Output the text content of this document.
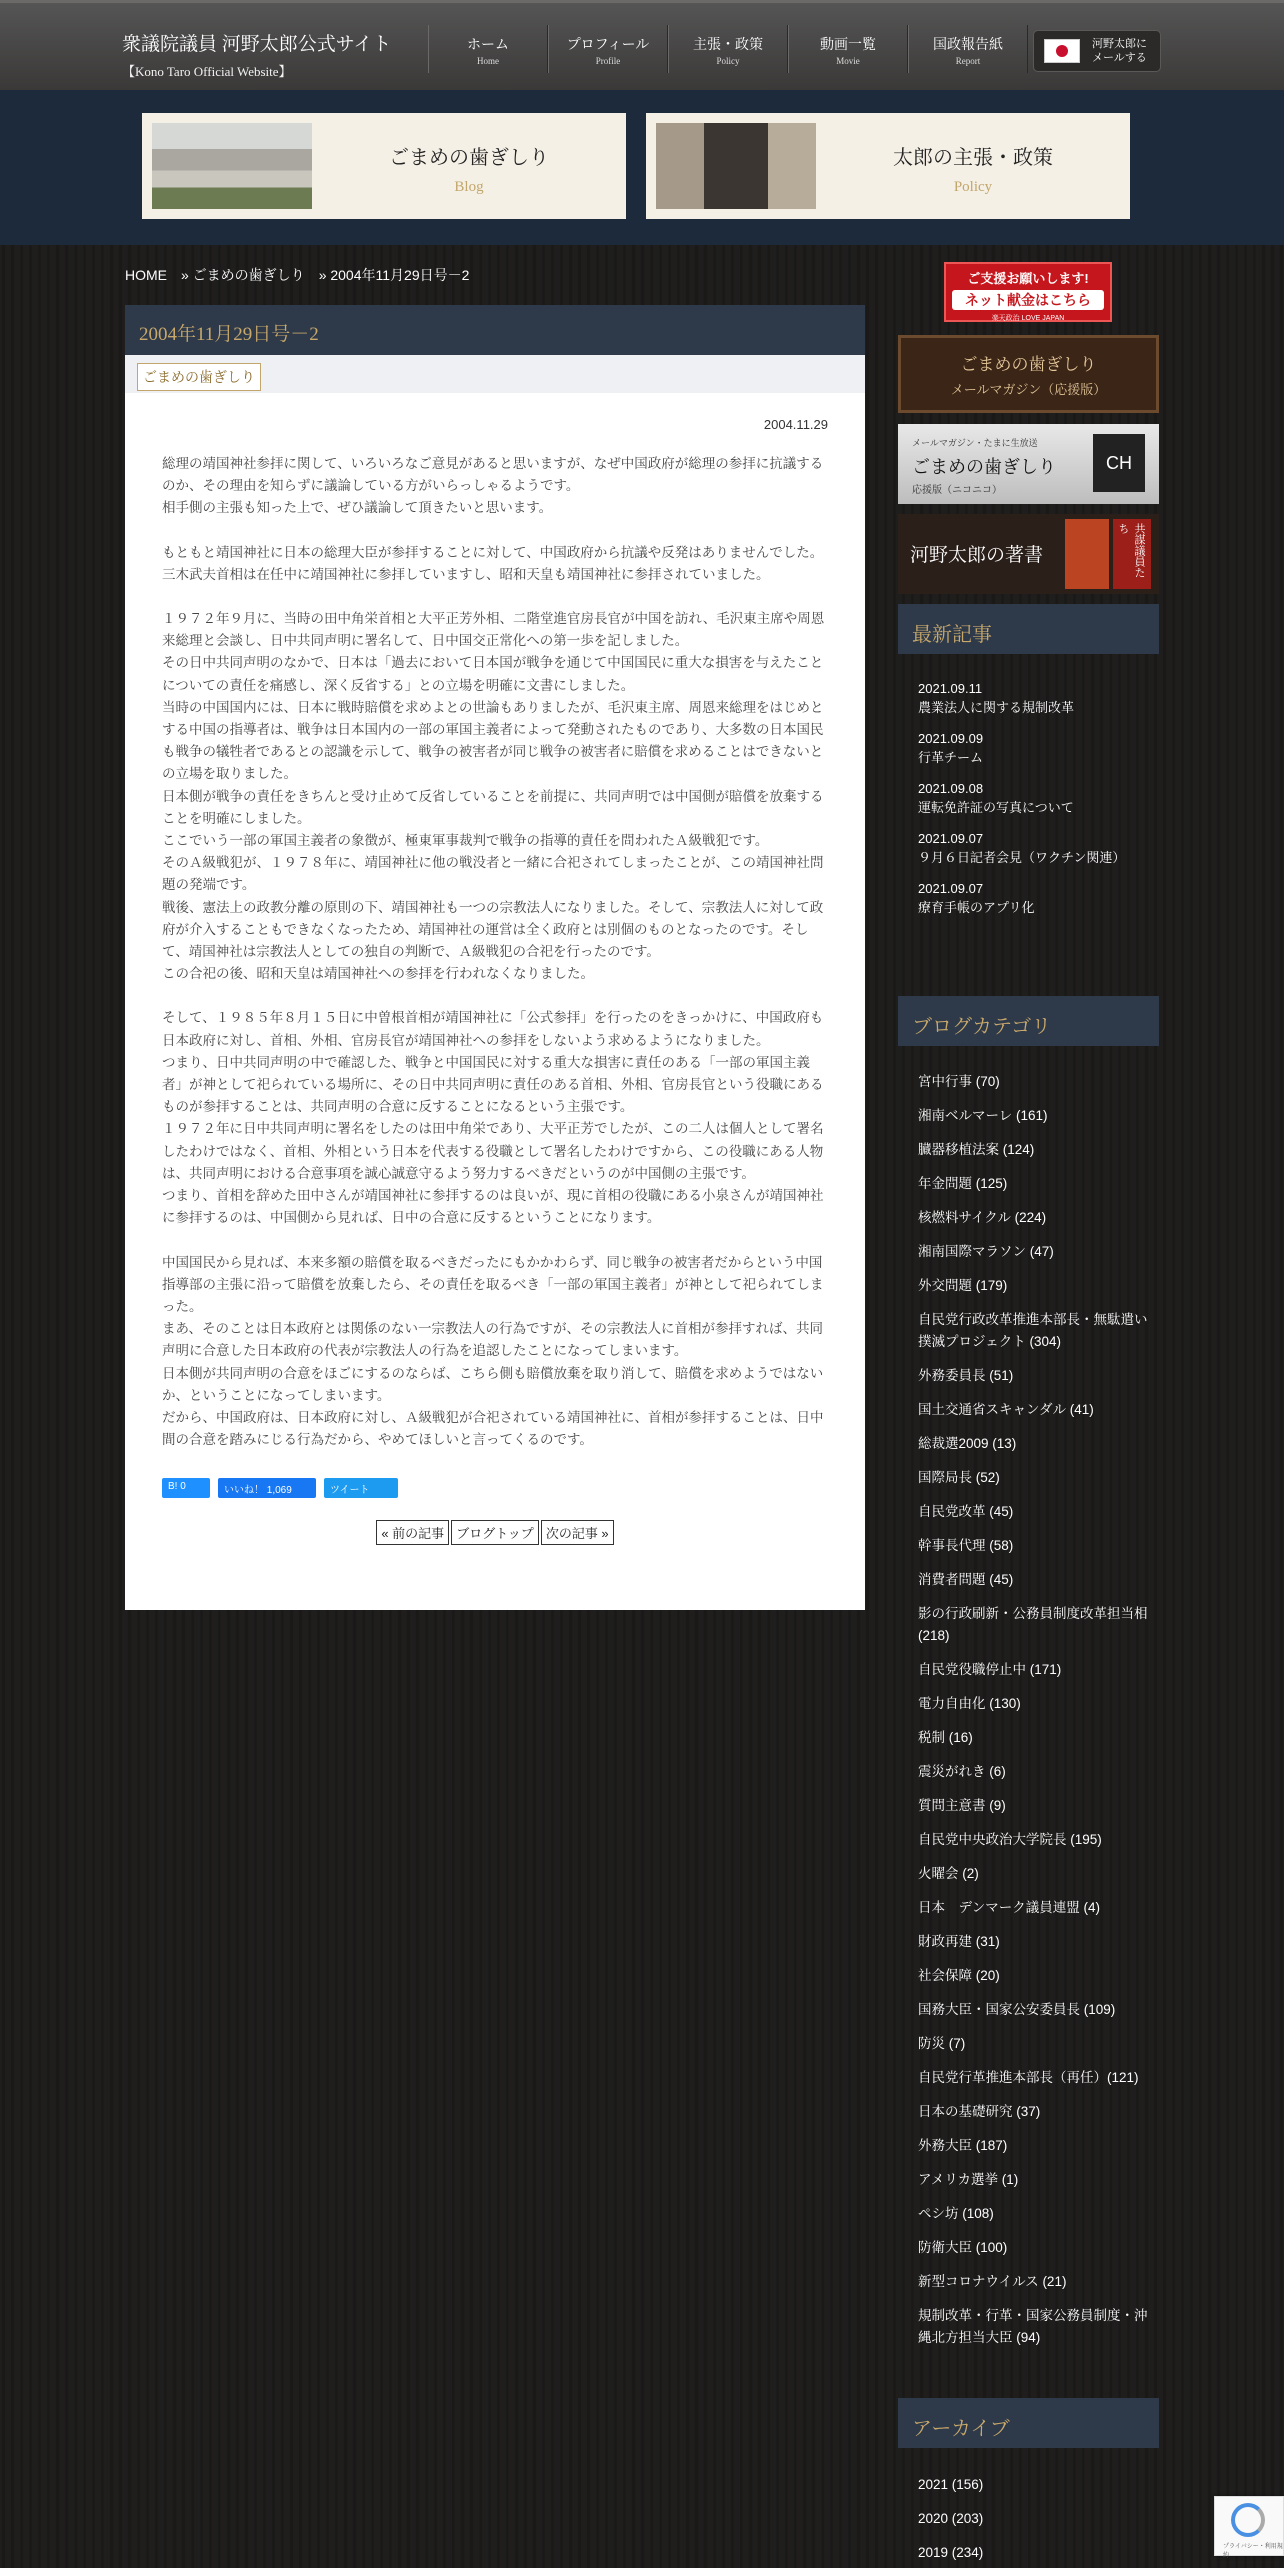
衆議院議員 河野太郎公式サイト
【Kono Taro Official Website】
ホーム
Home
プロフィール
Profile
主張・政策
Policy
動画一覧
Movie
国政報告紙
Report
河野太郎に
メールする
ごまめの歯ぎしり
Blog
太郎の主張・政策
Policy
HOME » ごまめの歯ぎしり » 2004年11月29日号－2
2004年11月29日号－2
ごまめの歯ぎしり
2004.11.29

総理の靖国神社参拝に関して、いろいろなご意見があると思いますが、なぜ中国政府が総理の参拝に抗議するのか、その理由を知らずに議論している方がいらっしゃるようです。
相手側の主張も知った上で、ぜひ議論して頂きたいと思います。

もともと靖国神社に日本の総理大臣が参拝することに対して、中国政府から抗議や反発はありませんでした。三木武夫首相は在任中に靖国神社に参拝していますし、昭和天皇も靖国神社に参拝されていました。

１９７２年９月に、当時の田中角栄首相と大平正芳外相、二階堂進官房長官が中国を訪れ、毛沢東主席や周恩来総理と会談し、日中共同声明に署名して、日中国交正常化への第一歩を記しました。
その日中共同声明のなかで、日本は「過去において日本国が戦争を通じて中国国民に重大な損害を与えたことについての責任を痛感し、深く反省する」との立場を明確に文書にしました。
当時の中国国内には、日本に戦時賠償を求めよとの世論もありましたが、毛沢東主席、周恩来総理をはじめとする中国の指導者は、戦争は日本国内の一部の軍国主義者によって発動されたものであり、大多数の日本国民も戦争の犠牲者であるとの認識を示して、戦争の被害者が同じ戦争の被害者に賠償を求めることはできないとの立場を取りました。
日本側が戦争の責任をきちんと受け止めて反省していることを前提に、共同声明では中国側が賠償を放棄することを明確にしました。
ここでいう一部の軍国主義者の象徴が、極東軍事裁判で戦争の指導的責任を問われたＡ級戦犯です。
そのＡ級戦犯が、１９７８年に、靖国神社に他の戦没者と一緒に合祀されてしまったことが、この靖国神社問題の発端です。
戦後、憲法上の政教分離の原則の下、靖国神社も一つの宗教法人になりました。そして、宗教法人に対して政府が介入することもできなくなったため、靖国神社の運営は全く政府とは別個のものとなったのです。そして、靖国神社は宗教法人としての独自の判断で、Ａ級戦犯の合祀を行ったのです。
この合祀の後、昭和天皇は靖国神社への参拝を行われなくなりました。

そして、１９８５年８月１５日に中曽根首相が靖国神社に「公式参拝」を行ったのをきっかけに、中国政府も日本政府に対し、首相、外相、官房長官が靖国神社への参拝をしないよう求めるようになりました。
つまり、日中共同声明の中で確認した、戦争と中国国民に対する重大な損害に責任のある「一部の軍国主義者」が神として祀られている場所に、その日中共同声明に責任のある首相、外相、官房長官という役職にあるものが参拝することは、共同声明の合意に反することになるという主張です。
１９７２年に日中共同声明に署名をしたのは田中角栄であり、大平正芳でしたが、この二人は個人として署名したわけではなく、首相、外相という日本を代表する役職として署名したわけですから、この役職にある人物は、共同声明における合意事項を誠心誠意守るよう努力するべきだというのが中国側の主張です。
つまり、首相を辞めた田中さんが靖国神社に参拝するのは良いが、現に首相の役職にある小泉さんが靖国神社に参拝するのは、中国側から見れば、日中の合意に反するということになります。

中国国民から見れば、本来多額の賠償を取るべきだったにもかかわらず、同じ戦争の被害者だからという中国指導部の主張に沿って賠償を放棄したら、その責任を取るべき「一部の軍国主義者」が神として祀られてしまった。
まあ、そのことは日本政府とは関係のない一宗教法人の行為ですが、その宗教法人に首相が参拝すれば、共同声明に合意した日本政府の代表が宗教法人の行為を追認したことになってしまいます。
日本側が共同声明の合意をほごにするのならば、こちら側も賠償放棄を取り消して、賠償を求めようではないか、ということになってしまいます。
だから、中国政府は、日本政府に対し、Ａ級戦犯が合祀されている靖国神社に、首相が参拝することは、日中間の合意を踏みにじる行為だから、やめてほしいと言ってくるのです。

B! 0	いいね！ 1,069	ツイート
« 前の記事 ブログトップ 次の記事 »
ご支援お願いします!
ネット献金はこちら
楽天政治 LOVE JAPAN
ごまめの歯ぎしり
メールマガジン（応援版）
メールマガジン・たまに生放送
ごまめの歯ぎしり
応援版（ニコニコ）
CH
河野太郎の著書	共謀議員たち
最新記事
2021.09.11
農業法人に関する規制改革
2021.09.09
行革チーム
2021.09.08
運転免許証の写真について
2021.09.07
９月６日記者会見（ワクチン関連）
2021.09.07
療育手帳のアプリ化
ブログカテゴリ
宮中行事 (70)
湘南ベルマーレ (161)
臓器移植法案 (124)
年金問題 (125)
核燃料サイクル (224)
湘南国際マラソン (47)
外交問題 (179)
自民党行政改革推進本部長・無駄遣い撲滅プロジェクト (304)
外務委員長 (51)
国土交通省スキャンダル (41)
総裁選2009 (13)
国際局長 (52)
自民党改革 (45)
幹事長代理 (58)
消費者問題 (45)
影の行政刷新・公務員制度改革担当相 (218)
自民党役職停止中 (171)
電力自由化 (130)
税制 (16)
震災がれき (6)
質問主意書 (9)
自民党中央政治大学院長 (195)
火曜会 (2)
日本　デンマーク議員連盟 (4)
財政再建 (31)
社会保障 (20)
国務大臣・国家公安委員長 (109)
防災 (7)
自民党行革推進本部長（再任）(121)
日本の基礎研究 (37)
外務大臣 (187)
アメリカ選挙 (1)
ペシ坊 (108)
防衛大臣 (100)
新型コロナウイルス (21)
規制改革・行革・国家公務員制度・沖縄北方担当大臣 (94)
アーカイブ
2021 (156)
2020 (203)
2019 (234)	プライバシー・利用規約
